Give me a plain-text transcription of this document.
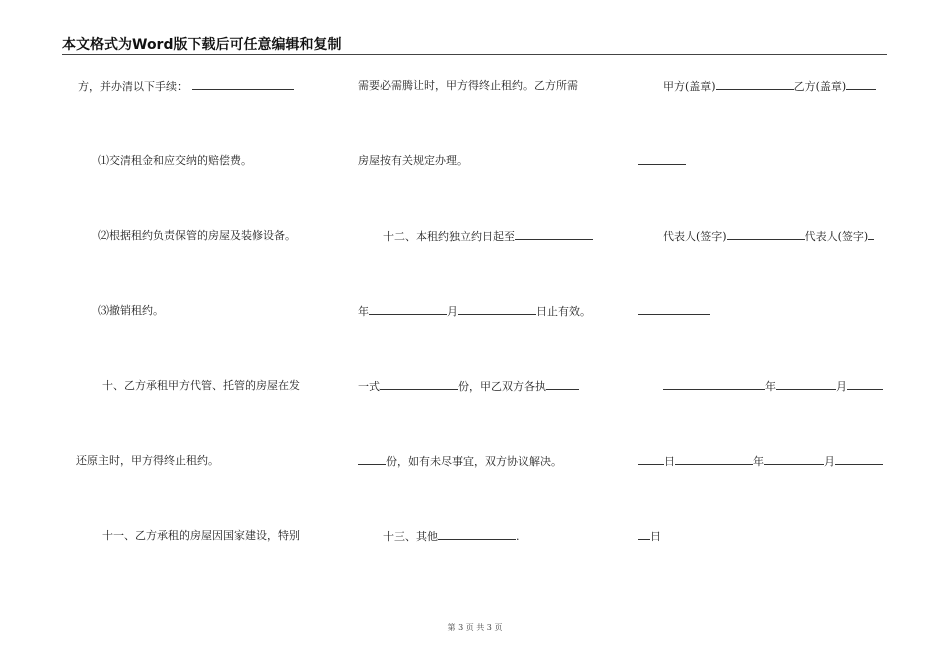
本文格式为Word版下载后可任意编辑和复制
方，并办清以下手续：
⑴交清租金和应交纳的赔偿费。
⑵根据租约负责保管的房屋及装修设备。
⑶撤销租约。
十、乙方承租甲方代管、托管的房屋在发
还原主时，甲方得终止租约。
十一、乙方承租的房屋因国家建设，特别
需要必需腾让时，甲方得终止租约。乙方所需
房屋按有关规定办理。
十二、本租约独立约日起至
年	月	日止有效。
一式	份，甲乙双方各执
份，如有未尽事宜，双方协议解决。
十三、其他	.
甲方(盖章)	乙方(盖章)
代表人(签字)	代表人(签字)
年	月
日	年	月
日
第 3 页 共 3 页
